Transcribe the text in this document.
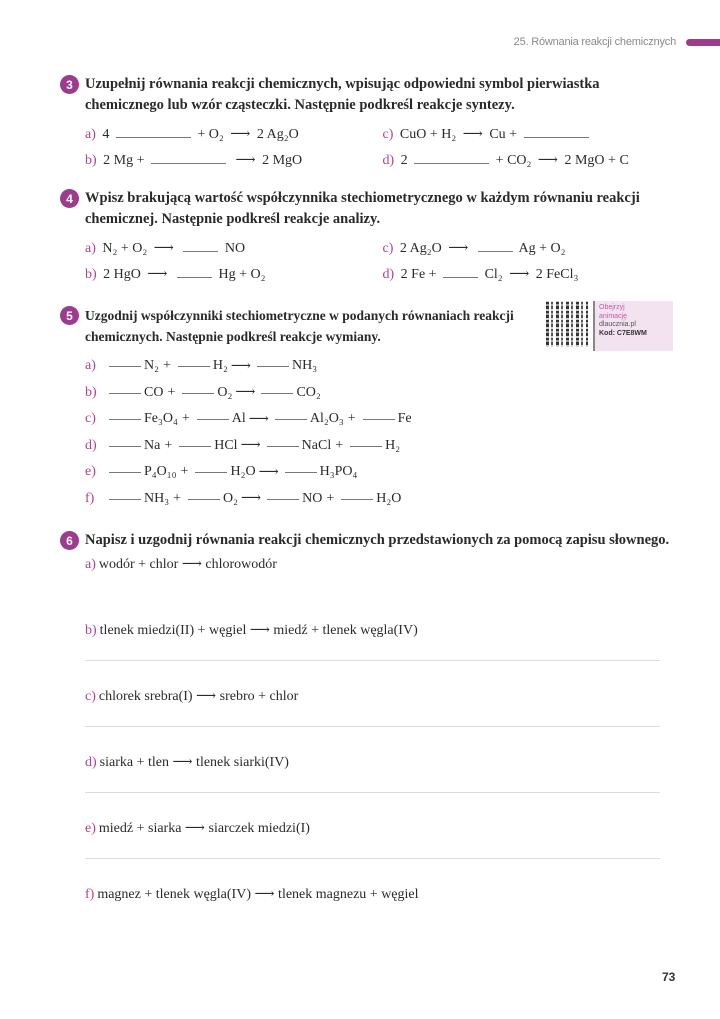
25. Równania reakcji chemicznych
3 Uzupełnij równania reakcji chemicznych, wpisując odpowiedni symbol pierwiastka chemicznego lub wzór cząsteczki. Następnie podkreśl reakcje syntezy.
a) 4	+ O₂ ⟶ 2 Ag₂O	c) CuO + H₂ ⟶ Cu +
b) 2 Mg +	⟶ 2 MgO	d) 2	+ CO₂ ⟶ 2 MgO + C
4 Wpisz brakującą wartość współczynnika stechiometrycznego w każdym równaniu reakcji chemicznej. Następnie podkreśl reakcje analizy.
a) N₂ + O₂ ⟶	NO	c) 2 Ag₂O ⟶	Ag + O₂
b) 2 HgO ⟶	Hg + O₂	d) 2 Fe +	Cl₂ ⟶ 2 FeCl₃
5 Uzgodnij współczynniki stechiometryczne w podanych równaniach reakcji chemicznych. Następnie podkreśl reakcje wymiany.
a)	N₂ +	H₂ ⟶	NH₃
b)	CO +	O₂ ⟶	CO₂
c)	Fe₃O₄ +	Al ⟶	Al₂O₃ +	Fe
d)	Na +	HCl ⟶	NaCl +	H₂
e)	P₄O₁₀ +	H₂O ⟶	H₃PO₄
f)	NH₃ +	O₂ ⟶	NO +	H₂O
Obejrzyj
animację
dlaucznia.pl
Kod: C7E8WM
6 Napisz i uzgodnij równania reakcji chemicznych przedstawionych za pomocą zapisu słownego.
a) wodór + chlor ⟶ chlorowodór
b) tlenek miedzi(II) + węgiel ⟶ miedź + tlenek węgla(IV)
c) chlorek srebra(I) ⟶ srebro + chlor
d) siarka + tlen ⟶ tlenek siarki(IV)
e) miedź + siarka ⟶ siarczek miedzi(I)
f) magnez + tlenek węgla(IV) ⟶ tlenek magnezu + węgiel
73
